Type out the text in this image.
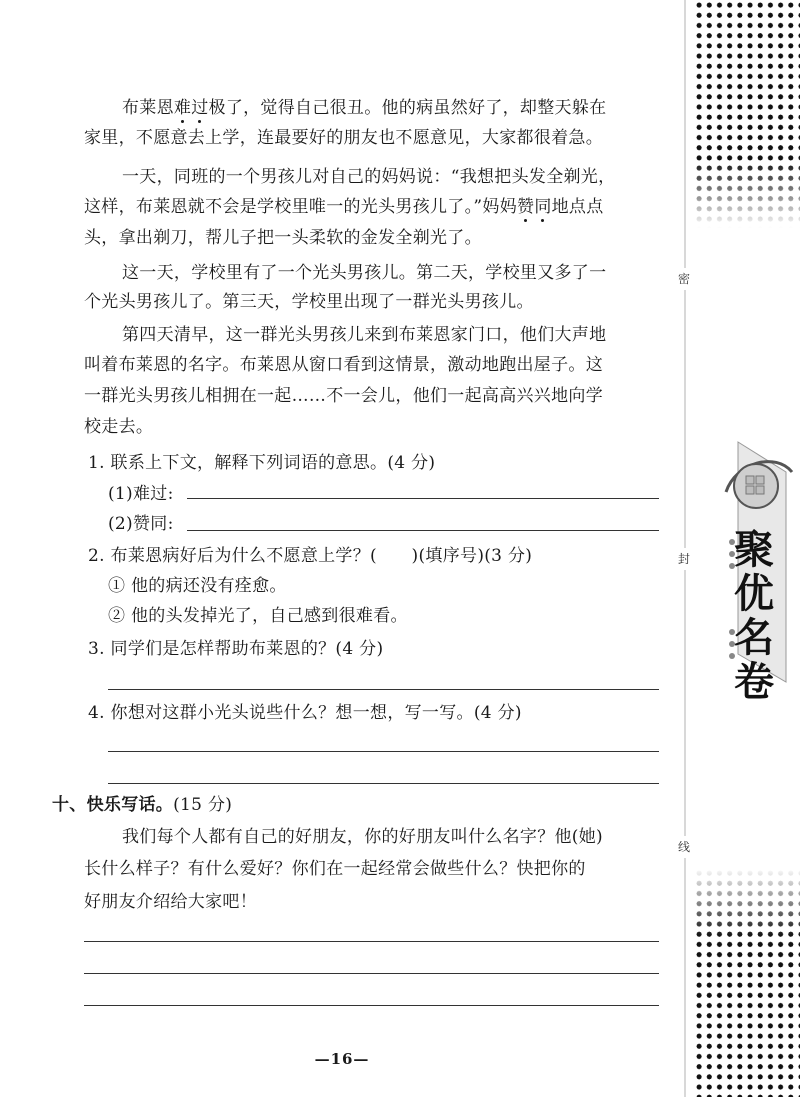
布莱恩难过极了，觉得自己很丑。他的病虽然好了，却整天躲在
家里，不愿意去上学，连最要好的朋友也不愿意见，大家都很着急。
一天，同班的一个男孩儿对自己的妈妈说：“我想把头发全剃光，
这样，布莱恩就不会是学校里唯一的光头男孩儿了。”妈妈赞同地点点
头，拿出剃刀，帮儿子把一头柔软的金发全剃光了。
这一天，学校里有了一个光头男孩儿。第二天，学校里又多了一
个光头男孩儿了。第三天，学校里出现了一群光头男孩儿。
第四天清早，这一群光头男孩儿来到布莱恩家门口，他们大声地
叫着布莱恩的名字。布莱恩从窗口看到这情景，激动地跑出屋子。这
一群光头男孩儿相拥在一起……不一会儿，他们一起高高兴兴地向学
校走去。
1. 联系上下文，解释下列词语的意思。(4 分)
(1)难过:
(2)赞同:
2. 布莱恩病好后为什么不愿意上学？(　　)(填序号)(3 分)
① 他的病还没有痊愈。
② 他的头发掉光了，自己感到很难看。
3. 同学们是怎样帮助布莱恩的？(4 分)
4. 你想对这群小光头说些什么？想一想，写一写。(4 分)
十、快乐写话。(15 分)
我们每个人都有自己的好朋友，你的好朋友叫什么名字？他(她)
长什么样子？有什么爱好？你们在一起经常会做些什么？快把你的
好朋友介绍给大家吧！
—16—
密
封
线
聚
优
名
卷
